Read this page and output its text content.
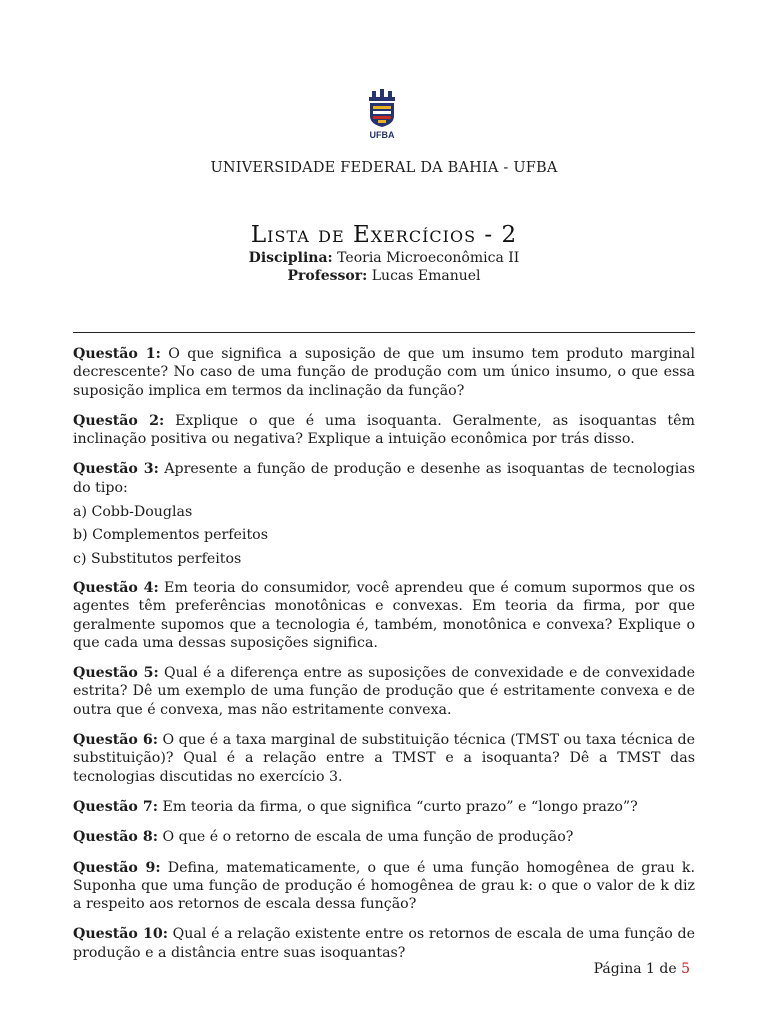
UFBA
UNIVERSIDADE FEDERAL DA BAHIA - UFBA
Lista de Exercícios - 2
Disciplina: Teoria Microeconômica II
Professor: Lucas Emanuel

Questão 1: O que significa a suposição de que um insumo tem produto marginal decrescente? No caso de uma função de produção com um único insumo, o que essa suposição implica em termos da inclinação da função?

Questão 2: Explique o que é uma isoquanta. Geralmente, as isoquantas têm inclinação positiva ou negativa? Explique a intuição econômica por trás disso.

Questão 3: Apresente a função de produção e desenhe as isoquantas de tecnologias do tipo:

a) Cobb-Douglas
b) Complementos perfeitos
c) Substitutos perfeitos

Questão 4: Em teoria do consumidor, você aprendeu que é comum supormos que os agentes têm preferências monotônicas e convexas. Em teoria da firma, por que geralmente supomos que a tecnologia é, também, monotônica e convexa? Explique o que cada uma dessas suposições significa.

Questão 5: Qual é a diferença entre as suposições de convexidade e de convexidade estrita? Dê um exemplo de uma função de produção que é estritamente convexa e de outra que é convexa, mas não estritamente convexa.

Questão 6: O que é a taxa marginal de substituição técnica (TMST ou taxa técnica de substituição)? Qual é a relação entre a TMST e a isoquanta? Dê a TMST das tecnologias discutidas no exercício 3.

Questão 7: Em teoria da firma, o que significa “curto prazo” e “longo prazo”?

Questão 8: O que é o retorno de escala de uma função de produção?

Questão 9: Defina, matematicamente, o que é uma função homogênea de grau k. Suponha que uma função de produção é homogênea de grau k: o que o valor de k diz a respeito aos retornos de escala dessa função?

Questão 10: Qual é a relação existente entre os retornos de escala de uma função de produção e a distância entre suas isoquantas?

Página 1 de 5
